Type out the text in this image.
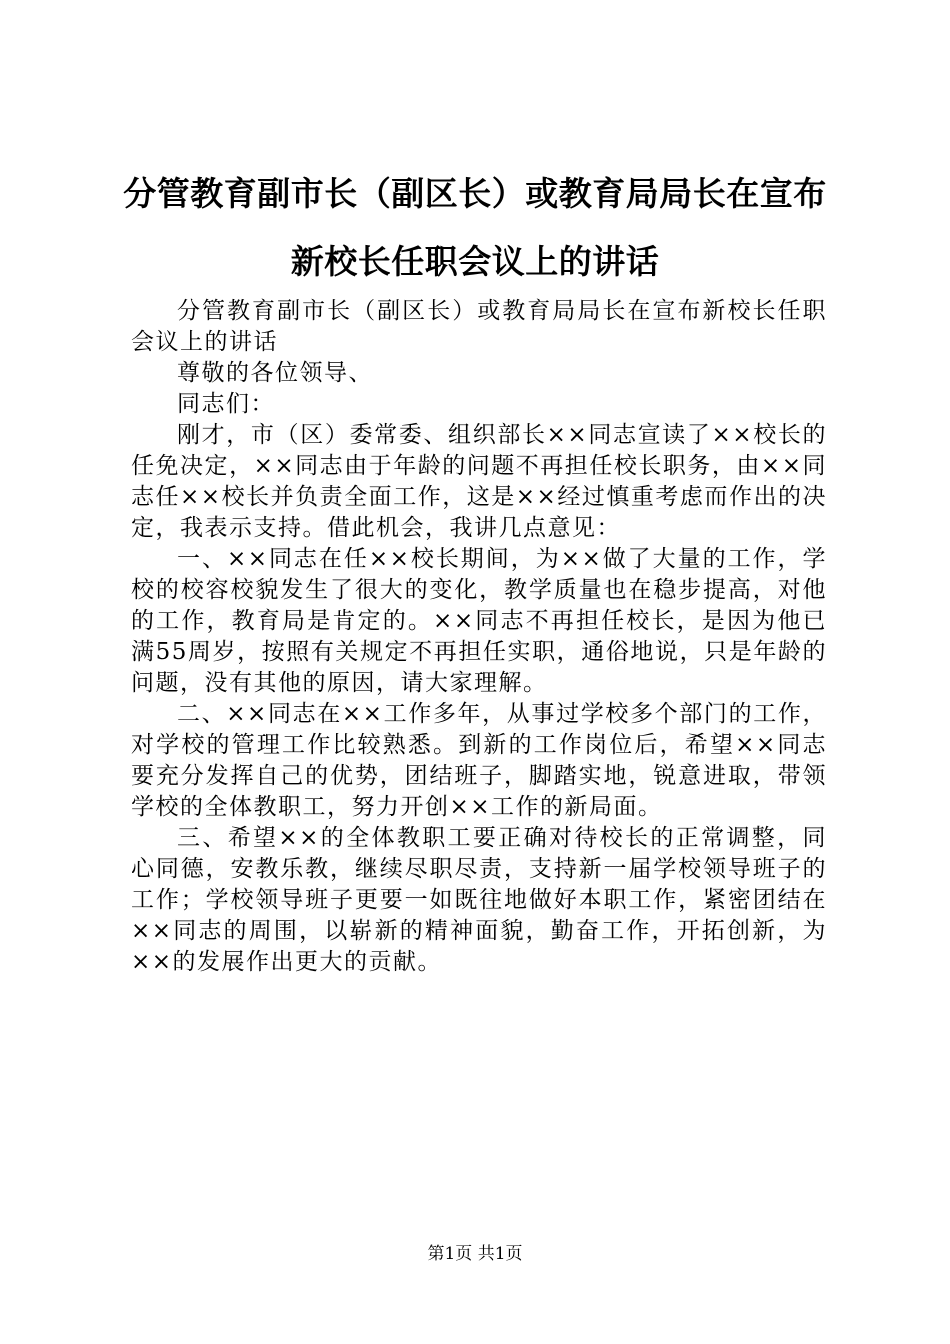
分管教育副市长（副区长）或教育局局长在宣布新校长任职会议上的讲话

分管教育副市长（副区长）或教育局局长在宣布新校长任职会议上的讲话

尊敬的各位领导、

同志们：

刚才，市（区）委常委、组织部长××同志宣读了××校长的任免决定，××同志由于年龄的问题不再担任校长职务，由××同志任××校长并负责全面工作，这是××经过慎重考虑而作出的决定，我表示支持。借此机会，我讲几点意见：

一、××同志在任××校长期间，为××做了大量的工作，学校的校容校貌发生了很大的变化，教学质量也在稳步提高，对他的工作，教育局是肯定的。××同志不再担任校长，是因为他已满55周岁，按照有关规定不再担任实职，通俗地说，只是年龄的问题，没有其他的原因，请大家理解。

二、××同志在××工作多年，从事过学校多个部门的工作，对学校的管理工作比较熟悉。到新的工作岗位后，希望××同志要充分发挥自己的优势，团结班子，脚踏实地，锐意进取，带领学校的全体教职工，努力开创××工作的新局面。

三、希望××的全体教职工要正确对待校长的正常调整，同心同德，安教乐教，继续尽职尽责，支持新一届学校领导班子的工作；学校领导班子更要一如既往地做好本职工作，紧密团结在××同志的周围，以崭新的精神面貌，勤奋工作，开拓创新，为××的发展作出更大的贡献。

第1页 共1页
